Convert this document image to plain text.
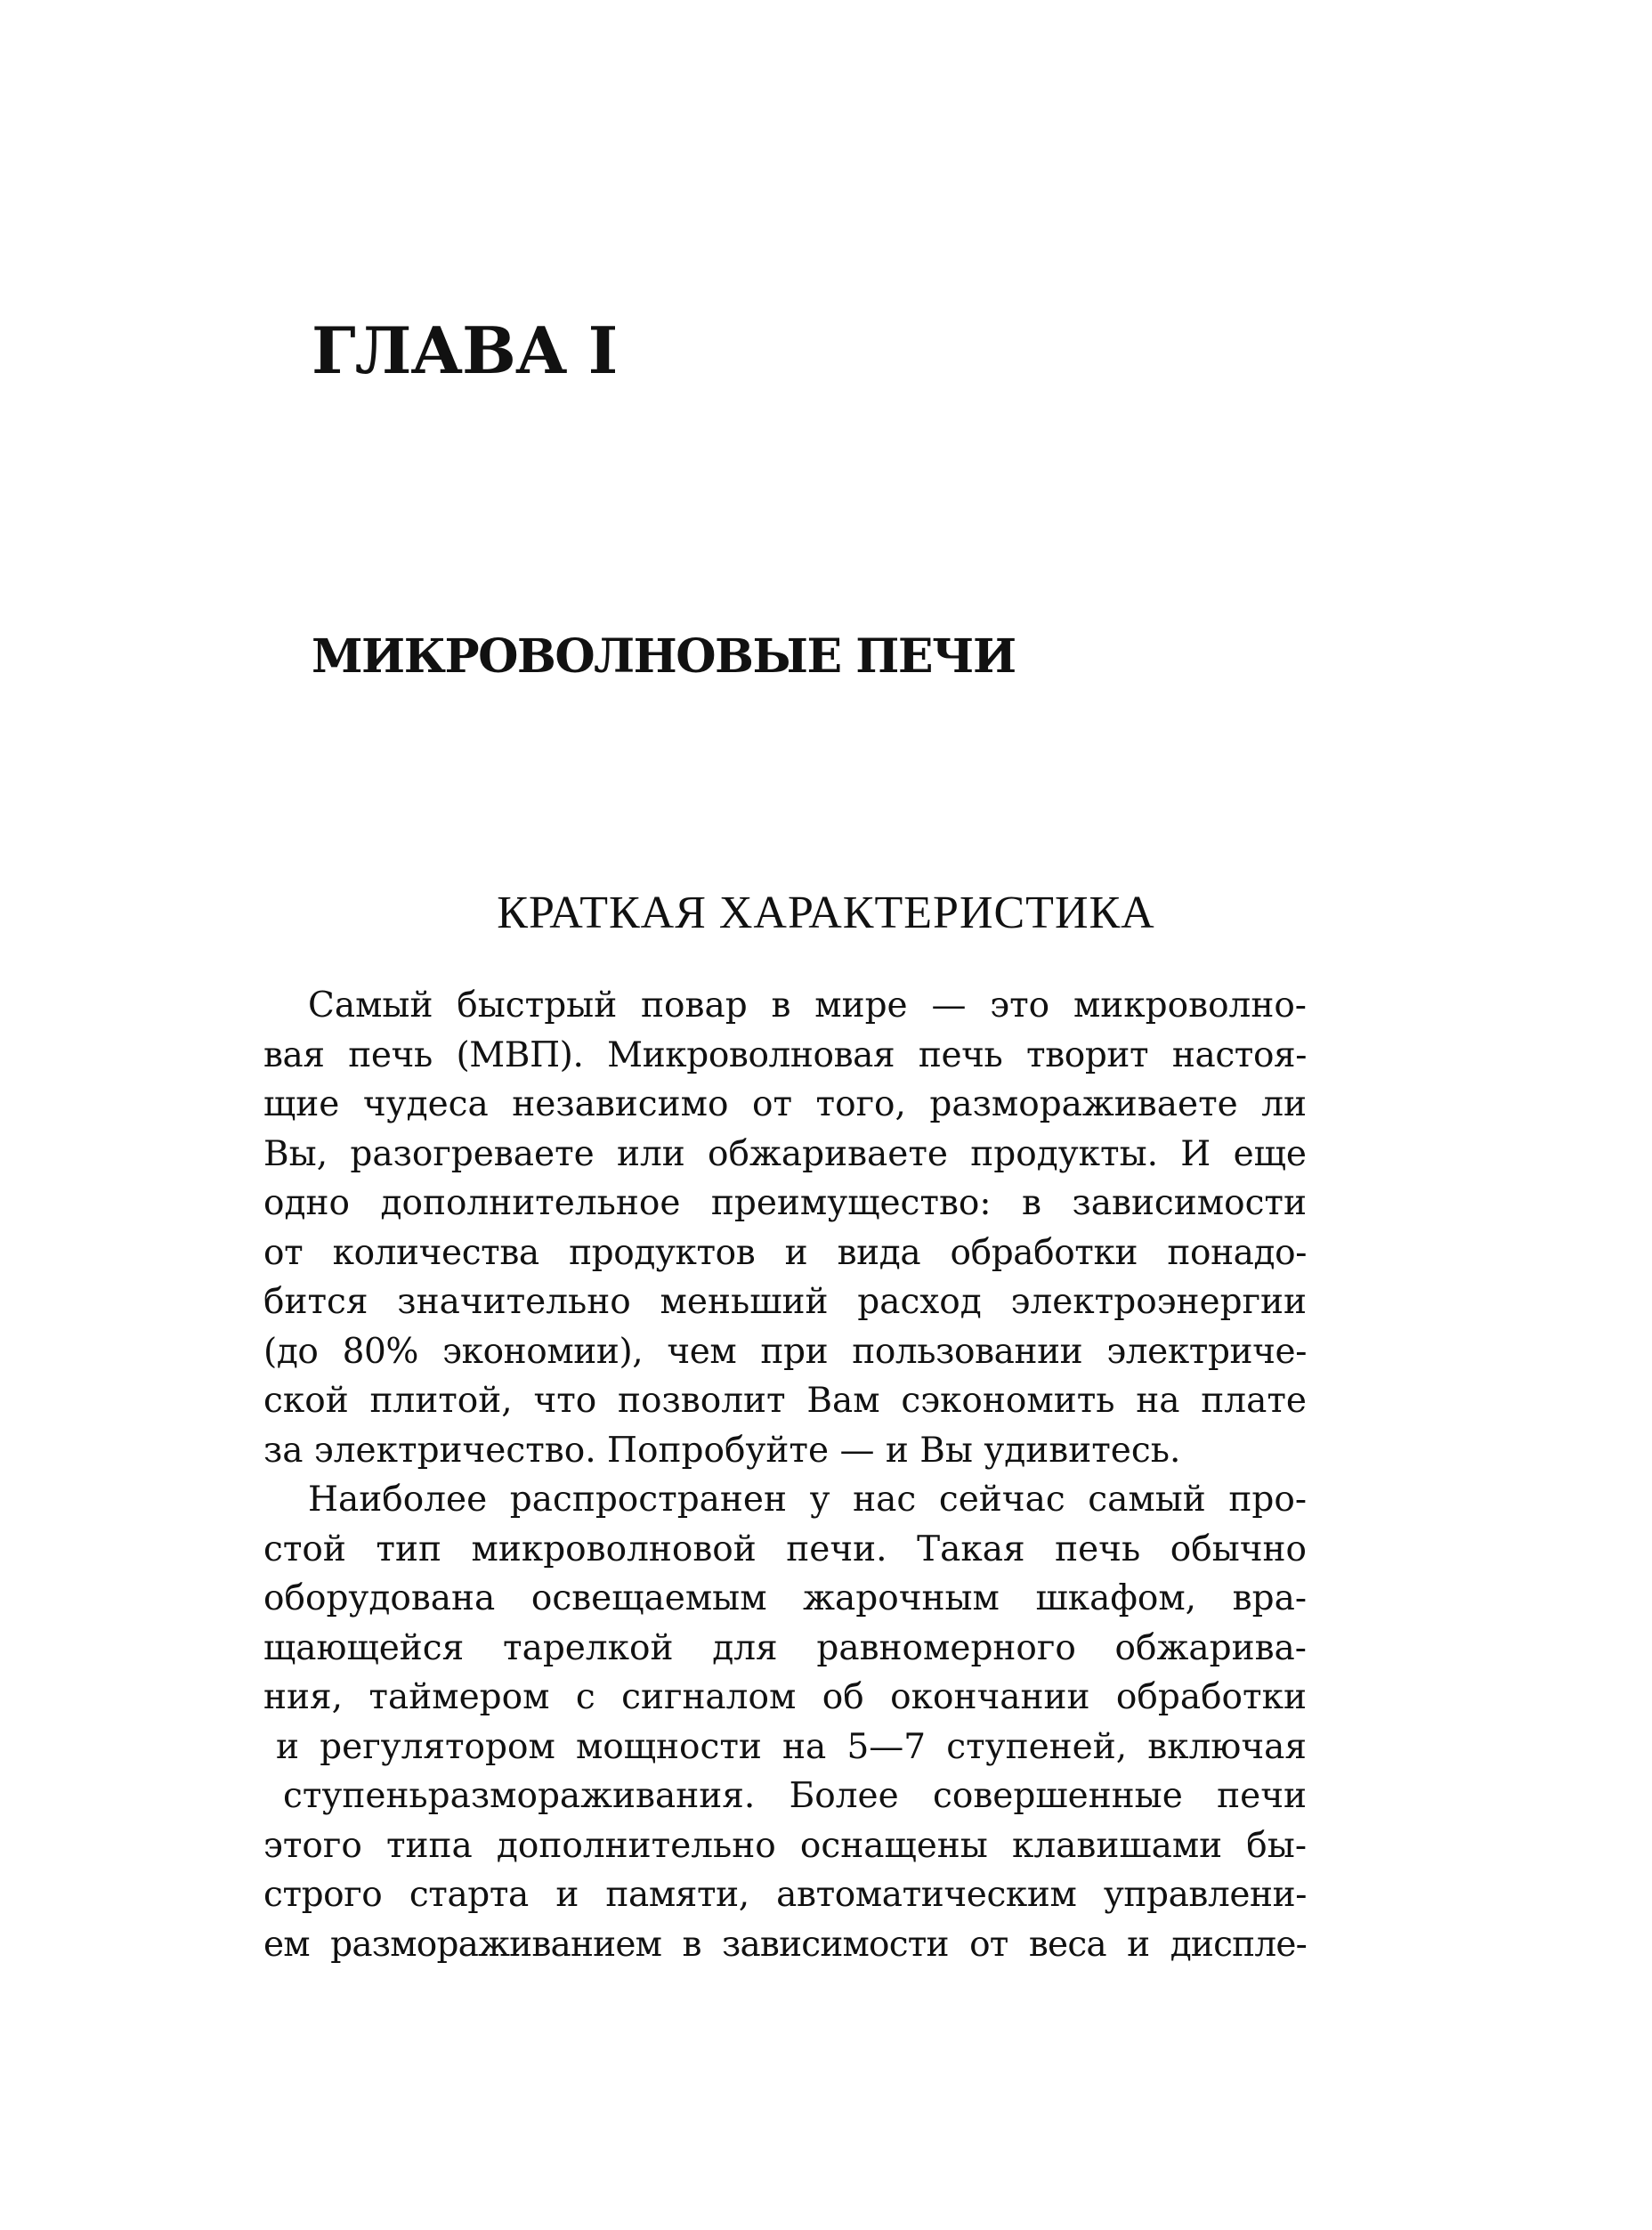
ГЛАВА I
МИКРОВОЛНОВЫЕ ПЕЧИ
КРАТКАЯ ХАРАКТЕРИСТИКА
Самый быстрый повар в мире — это микроволно-
вая печь (МВП). Микроволновая печь творит настоя-
щие чудеса независимо от того, размораживаете ли
Вы, разогреваете или обжариваете продукты. И еще
одно дополнительное преимущество: в зависимости
от количества продуктов и вида обработки понадо-
бится значительно меньший расход электроэнергии
(до 80% экономии), чем при пользовании электриче-
ской плитой, что позволит Вам сэкономить на плате
за электричество. Попробуйте — и Вы удивитесь.
Наиболее распространен у нас сейчас самый про-
стой тип микроволновой печи. Такая печь обычно
оборудована освещаемым жарочным шкафом, вра-
щающейся тарелкой для равномерного обжарива-
ния, таймером с сигналом об окончании обработки
и регулятором мощности на 5—7 ступеней, включая
ступеньразмораживания. Более совершенные печи
этого типа дополнительно оснащены клавишами бы-
строго старта и памяти, автоматическим управлени-
ем размораживанием в зависимости от веса и диспле-
